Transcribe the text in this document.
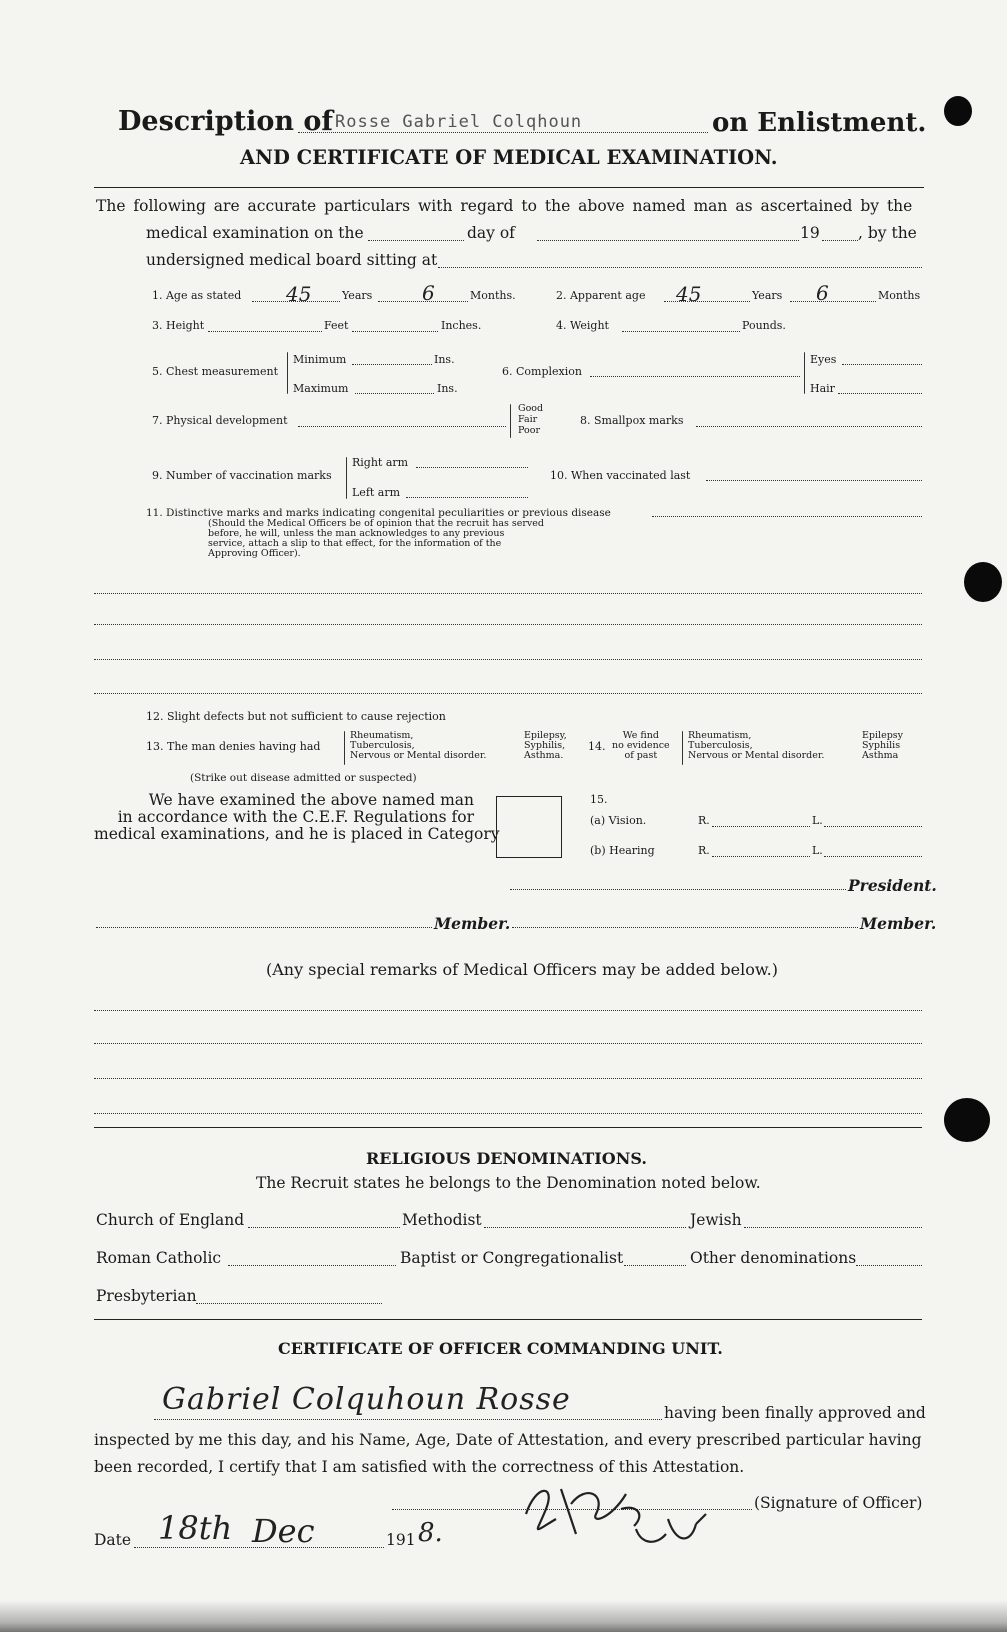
Description of Rosse Gabriel Colqhoun	on Enlistment.
AND CERTIFICATE OF MEDICAL EXAMINATION.
The following are accurate particulars with regard to the above named man as ascertained by the
medical examination on the	day of	19 , by the
undersigned medical board sitting at
1. Age as stated 45	Years 6	Months.	2. Apparent age 45	Years 6	Months
3. Height	Feet	Inches.	4. Weight	Pounds.
5. Chest measurement
Minimum	Ins.
Maximum	Ins.
6. Complexion
Eyes
Hair
7. Physical development
Good
Fair
Poor
8. Smallpox marks
9. Number of vaccination marks
Right arm
Left arm
10. When vaccinated last
11. Distinctive marks and marks indicating congenital peculiarities or previous disease
(Should the Medical Officers be of opinion that the recruit has served
before, he will, unless the man acknowledges to any previous
service, attach a slip to that effect, for the information of the
Approving Officer).
12. Slight defects but not sufficient to cause rejection
13. The man denies having had
Rheumatism,
Tuberculosis,
Nervous or Mental disorder.
Epilepsy,
Syphilis,
Asthma.
14.
We find
no evidence
of past
Rheumatism,
Tuberculosis,
Nervous or Mental disorder.
Epilepsy
Syphilis
Asthma
(Strike out disease admitted or suspected)
We have examined the above named man
in accordance with the C.E.F. Regulations for
medical examinations, and he is placed in Category
15.
(a) Vision.	R.	L.
(b) Hearing	R.	L.
President.
Member.	Member.
(Any special remarks of Medical Officers may be added below.)
RELIGIOUS DENOMINATIONS.
The Recruit states he belongs to the Denomination noted below.
Church of England	Methodist	Jewish
Roman Catholic	Baptist or Congregationalist	Other denominations
Presbyterian
CERTIFICATE OF OFFICER COMMANDING UNIT.
Gabriel Colquhoun Rosse	having been finally approved and
inspected by me this day, and his Name, Age, Date of Attestation, and every prescribed particular having
been recorded, I certify that I am satisfied with the correctness of this Attestation.
(Signature of Officer)
Date 18th Dec	191 8.
